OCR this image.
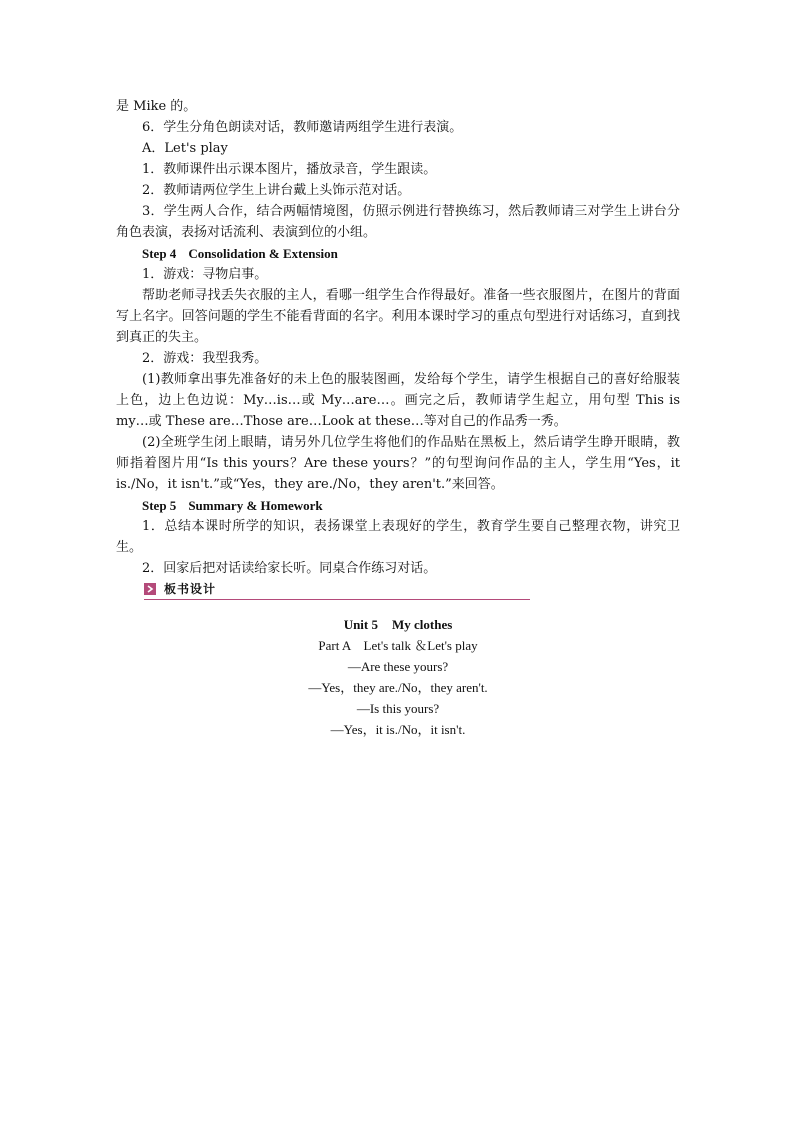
是 Mike 的。

6．学生分角色朗读对话，教师邀请两组学生进行表演。

A．Let's play

1．教师课件出示课本图片，播放录音，学生跟读。

2．教师请两位学生上讲台戴上头饰示范对话。

3．学生两人合作，结合两幅情境图，仿照示例进行替换练习，然后教师请三对学生上讲台分角色表演，表扬对话流利、表演到位的小组。

Step 4 Consolidation & Extension

1．游戏：寻物启事。

帮助老师寻找丢失衣服的主人，看哪一组学生合作得最好。准备一些衣服图片，在图片的背面写上名字。回答问题的学生不能看背面的名字。利用本课时学习的重点句型进行对话练习，直到找到真正的失主。

2．游戏：我型我秀。

(1)教师拿出事先准备好的未上色的服装图画，发给每个学生，请学生根据自己的喜好给服装上色，边上色边说：My…is…或 My…are…。画完之后，教师请学生起立，用句型 This is my…或 These are…Those are…Look at these…等对自己的作品秀一秀。

(2)全班学生闭上眼睛，请另外几位学生将他们的作品贴在黑板上，然后请学生睁开眼睛，教师指着图片用“Is this yours？Are these yours？”的句型询问作品的主人，学生用“Yes，it is./No，it isn't.”或“Yes，they are./No，they aren't.”来回答。

Step 5 Summary & Homework

1．总结本课时所学的知识，表扬课堂上表现好的学生，教育学生要自己整理衣物，讲究卫生。

2．回家后把对话读给家长听。同桌合作练习对话。

板书设计

Unit 5 My clothes

Part A　Let's talk ＆Let's play

—Are these yours?

—Yes，they are./No，they aren't.

—Is this yours?

—Yes，it is./No，it isn't.
